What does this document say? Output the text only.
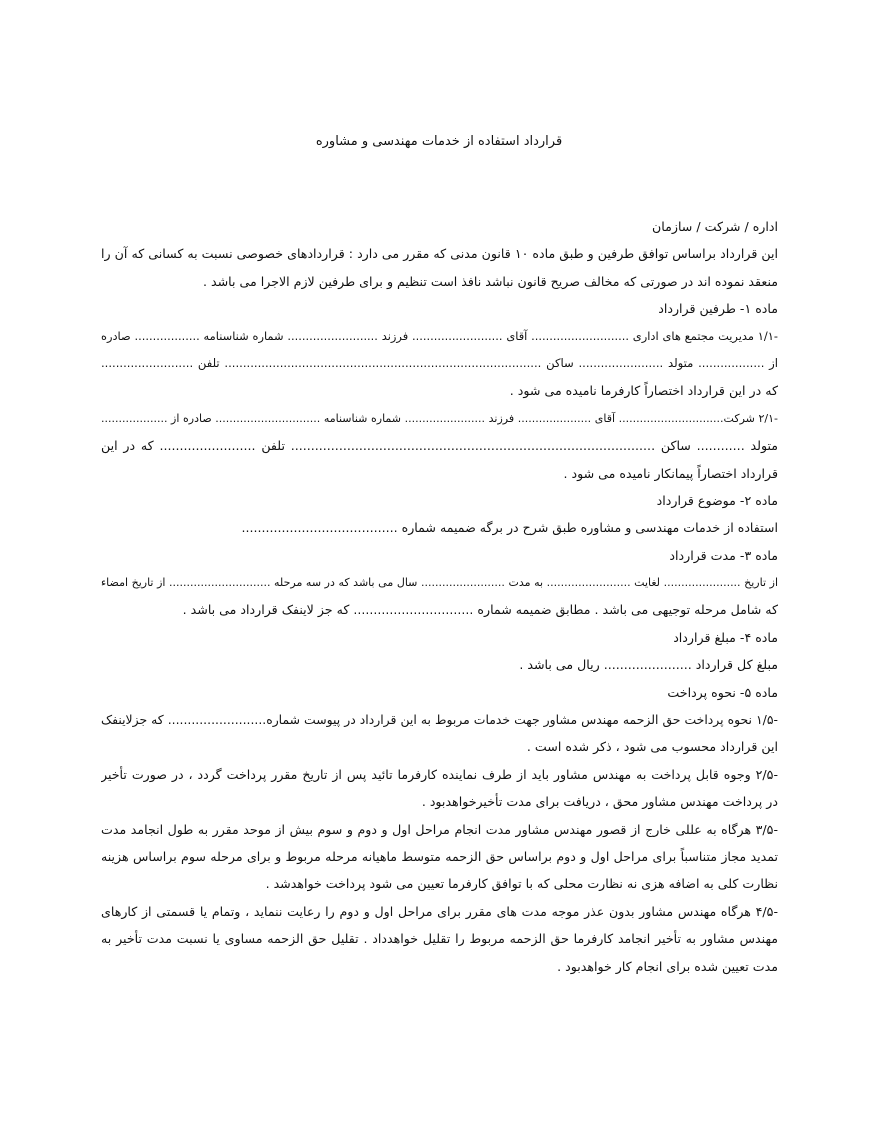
قرارداد استفاده از خدمات مهندسی و مشاوره
اداره / شرکت / سازمان
این قرارداد براساس توافق طرفین و طبق ماده ۱۰ قانون مدنی که مقرر می دارد : قراردادهای خصوصی نسبت به کسانی که آن را
منعقد نموده اند در صورتی که مخالف صریح قانون نباشد نافذ است تنظیم و برای طرفین لازم الاجرا می باشد .
ماده ۱- طرفین قرارداد
-۱/۱ مدیریت مجتمع های اداری ........................... آقای ......................... فرزند ......................... شماره شناسنامه .................. صادره
از .................. متولد ....................... ساکن ...................................................................................... تلفن .........................
که در این قرارداد اختصاراً کارفرما نامیده می شود .
-۲/۱ شرکت.............................. آقای ..................... فرزند ....................... شماره شناسنامه .............................. صادره از ...................
متولد ............ ساکن ........................................................................................... تلفن ........................ که در این
قرارداد اختصاراً پیمانکار نامیده می شود .
ماده ۲- موضوع قرارداد
استفاده از خدمات مهندسی و مشاوره طبق شرح در برگه ضمیمه شماره .......................................
ماده ۳- مدت قرارداد
از تاریخ ...................... لغایت ........................ به مدت ........................ سال می باشد که در سه مرحله ............................. از تاریخ امضاء
که شامل مرحله توجیهی می باشد . مطابق ضمیمه شماره .............................. که جز لاینفک قرارداد می باشد .
ماده ۴- مبلغ قرارداد
مبلغ کل قرارداد ...................... ریال می باشد .
ماده ۵- نحوه پرداخت
-۱/۵ نحوه پرداخت حق الزحمه مهندس مشاور جهت خدمات مربوط به این قرارداد در پیوست شماره......................... که جزلاینفک
این قرارداد محسوب می شود ، ذکر شده است .
-۲/۵ وجوه قابل پرداخت به مهندس مشاور باید از طرف نماینده کارفرما تائید پس از تاریخ مقرر پرداخت گردد ، در صورت تأخیر
در پرداخت مهندس مشاور محق ، دریافت برای مدت تأخیرخواهدبود .
-۳/۵ هرگاه به عللی خارج از قصور مهندس مشاور مدت انجام مراحل اول و دوم و سوم بیش از موحد مقرر به طول انجامد مدت
تمدید مجاز متناسباً برای مراحل اول و دوم براساس حق الزحمه متوسط ماهیانه مرحله مربوط و برای مرحله سوم براساس هزینه
نظارت کلی به اضافه هزی نه نظارت محلی که با توافق کارفرما تعیین می شود پرداخت خواهدشد .
-۴/۵ هرگاه مهندس مشاور بدون عذر موجه مدت های مقرر برای مراحل اول و دوم را رعایت ننماید ، وتمام یا قسمتی از کارهای
مهندس مشاور به تأخیر انجامد کارفرما حق الزحمه مربوط را تقلیل خواهدداد . تقلیل حق الزحمه مساوی یا نسبت مدت تأخیر به
مدت تعیین شده برای انجام کار خواهدبود .
